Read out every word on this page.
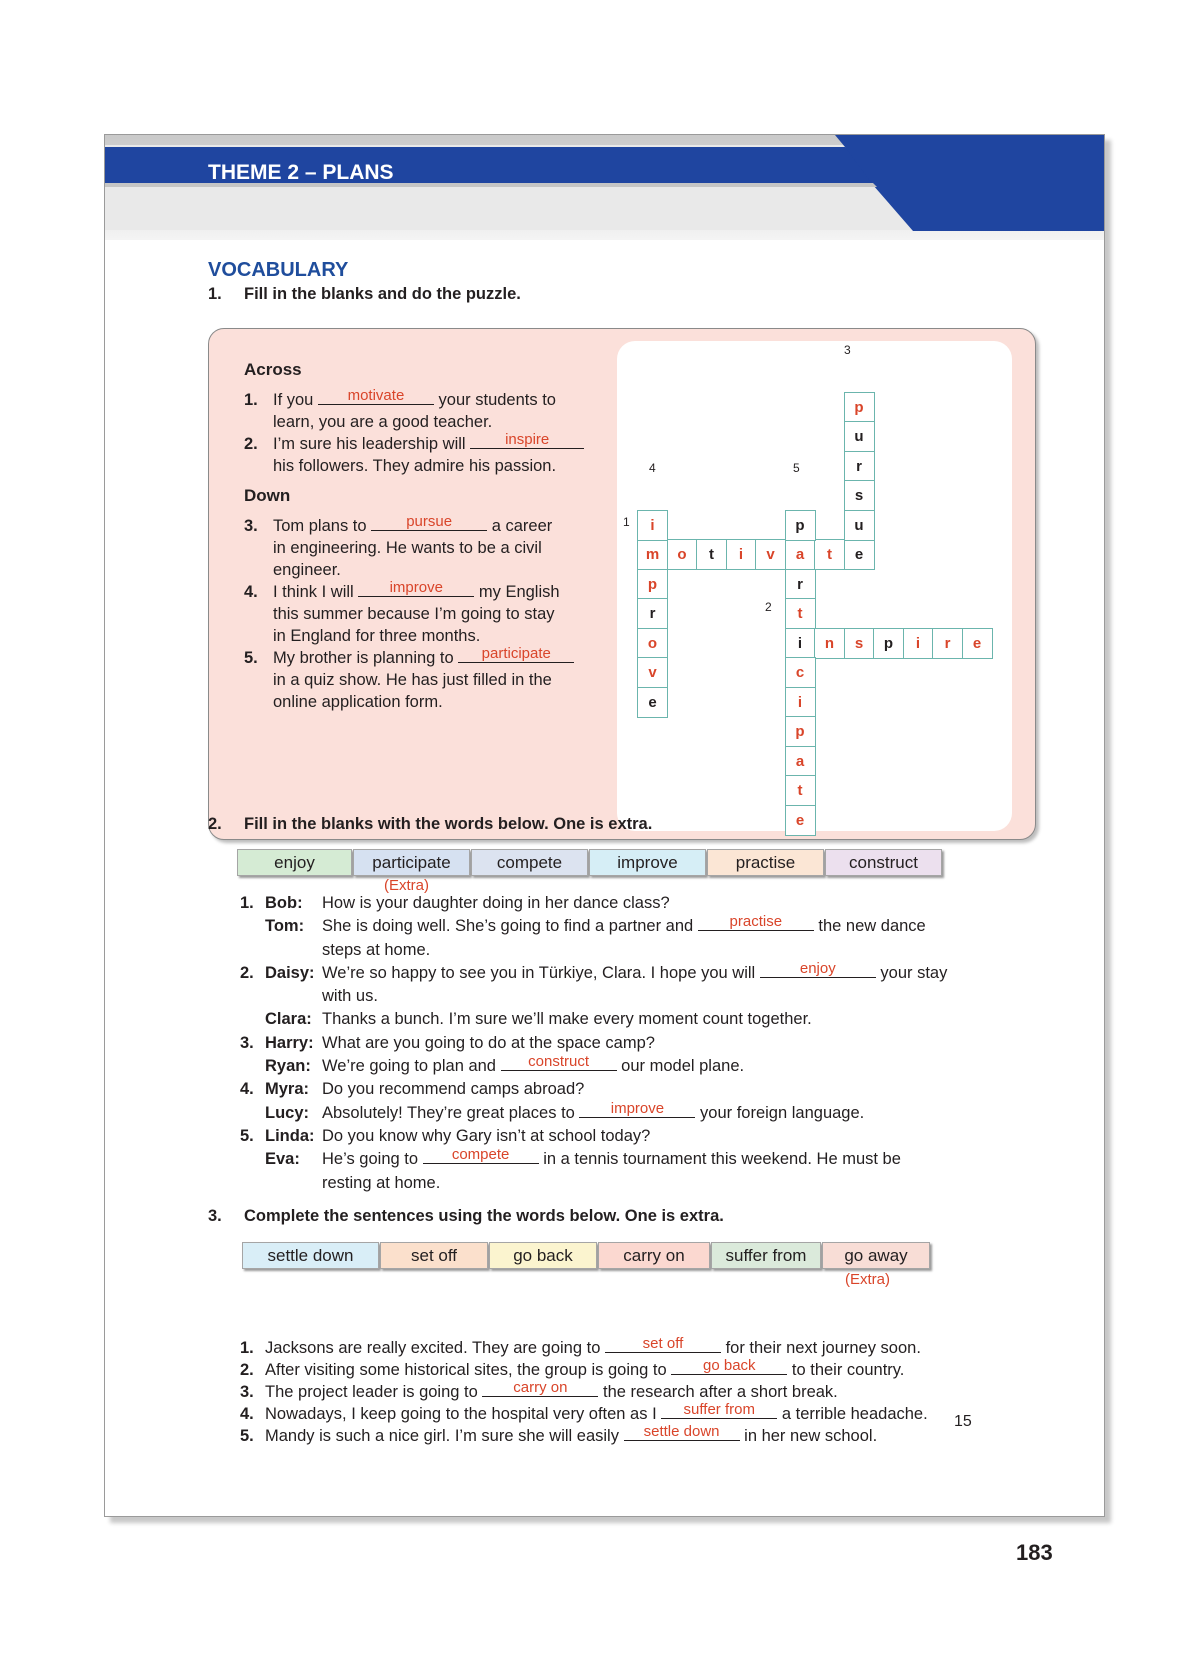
THEME 2 – PLANS
VOCABULARY
1. Fill in the blanks and do the puzzle.
Across
1. If you	motivate	your students to
learn, you are a good teacher.
2. I’m sure his leadership will	inspire
his followers. They admire his passion.
Down
3. Tom plans to	pursue	a career
in engineering. He wants to be a civil
engineer.
4. I think I will	improve	my English
this summer because I’m going to stay
in England for three months.
5. My brother is planning to	participate
in a quiz show. He has just filled in the
online application form.
3
4	5
1
2
m	o	t	i	v	a	t	e
i	n	s	p	i	r	e
p
u
r
s
u
i
p
r
o
v
e
p
r
t
c
i
p
a
t
e
2. Fill in the blanks with the words below. One is extra.
enjoy	participate	compete	improve	practise	construct
(Extra)
1. Bob: How is your daughter doing in her dance class?
Tom: She is doing well. She’s going to find a partner and	practise	the new dance
steps at home.
2. Daisy: We’re so happy to see you in Türkiye, Clara. I hope you will	enjoy	your stay
with us.
Clara: Thanks a bunch. I’m sure we’ll make every moment count together.
3. Harry: What are you going to do at the space camp?
Ryan: We’re going to plan and	construct	our model plane.
4. Myra: Do you recommend camps abroad?
Lucy: Absolutely! They’re great places to	improve	your foreign language.
5. Linda: Do you know why Gary isn’t at school today?
Eva: He’s going to	compete	in a tennis tournament this weekend. He must be
resting at home.
3. Complete the sentences using the words below. One is extra.
settle down	set off	go back	carry on	suffer from	go away
(Extra)
1. Jacksons are really excited. They are going to	set off	for their next journey soon.
2. After visiting some historical sites, the group is going to	go back	to their country.
3. The project leader is going to	carry on	the research after a short break.
4. Nowadays, I keep going to the hospital very often as I	suffer from	a terrible headache.
5. Mandy is such a nice girl. I’m sure she will easily	settle down	in her new school.
15
183
